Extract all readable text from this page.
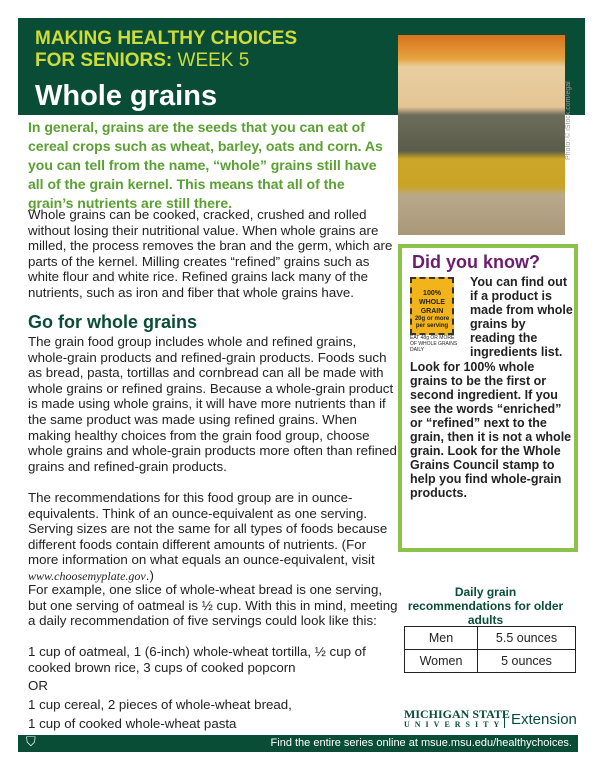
MAKING HEALTHY CHOICES
FOR SENIORS: WEEK 5
Whole grains	Photo: © iStock.com/egal
In general, grains are the seeds that you can eat of cereal crops such as wheat, barley, oats and corn. As you can tell from the name, “whole” grains still have all of the grain kernel. This means that all of the grain’s nutrients are still there.
Whole grains can be cooked, cracked, crushed and rolled without losing their nutritional value. When whole grains are milled, the process removes the bran and the germ, which are parts of the kernel. Milling creates “refined” grains such as white flour and white rice. Refined grains lack many of the nutrients, such as iron and fiber that whole grains have.
Go for whole grains
The grain food group includes whole and refined grains, whole-grain products and refined-grain products. Foods such as bread, pasta, tortillas and cornbread can all be made with whole grains or refined grains. Because a whole-grain product is made using whole grains, it will have more nutrients than if the same product was made using refined grains. When making healthy choices from the grain food group, choose whole grains and whole-grain products more often than refined grains and refined-grain products.
The recommendations for this food group are in ounce-equivalents. Think of an ounce-equivalent as one serving. Serving sizes are not the same for all types of foods because different foods contain different amounts of nutrients. (For more information on what equals an ounce-equivalent, visit www.choosemyplate.gov.)
For example, one slice of whole-wheat bread is one serving, but one serving of oatmeal is ½ cup. With this in mind, meeting a daily recommendation of five servings could look like this:
1 cup of oatmeal, 1 (6-inch) whole-wheat tortilla, ½ cup of cooked brown rice, 3 cups of cooked popcorn
OR
1 cup cereal, 2 pieces of whole-wheat bread,
1 cup of cooked whole-wheat pasta
Did you know?
100%
WHOLE GRAIN
20g or more per serving
EAT 48g OR MORE OF WHOLE GRAINS DAILY
You can find out if a product is made from whole grains by reading the ingredients list. Look for 100% whole grains to be the first or second ingredient. If you see the words “enriched” or “refined” next to the grain, then it is not a whole grain. Look for the Whole Grains Council stamp to help you find whole-grain products.
Daily grain recommendations for older adults
Men	5.5 ounces
Women	5 ounces
MICHIGAN STATE
UNIVERSITY Extension
Find the entire series online at msue.msu.edu/healthychoices.
⛉
